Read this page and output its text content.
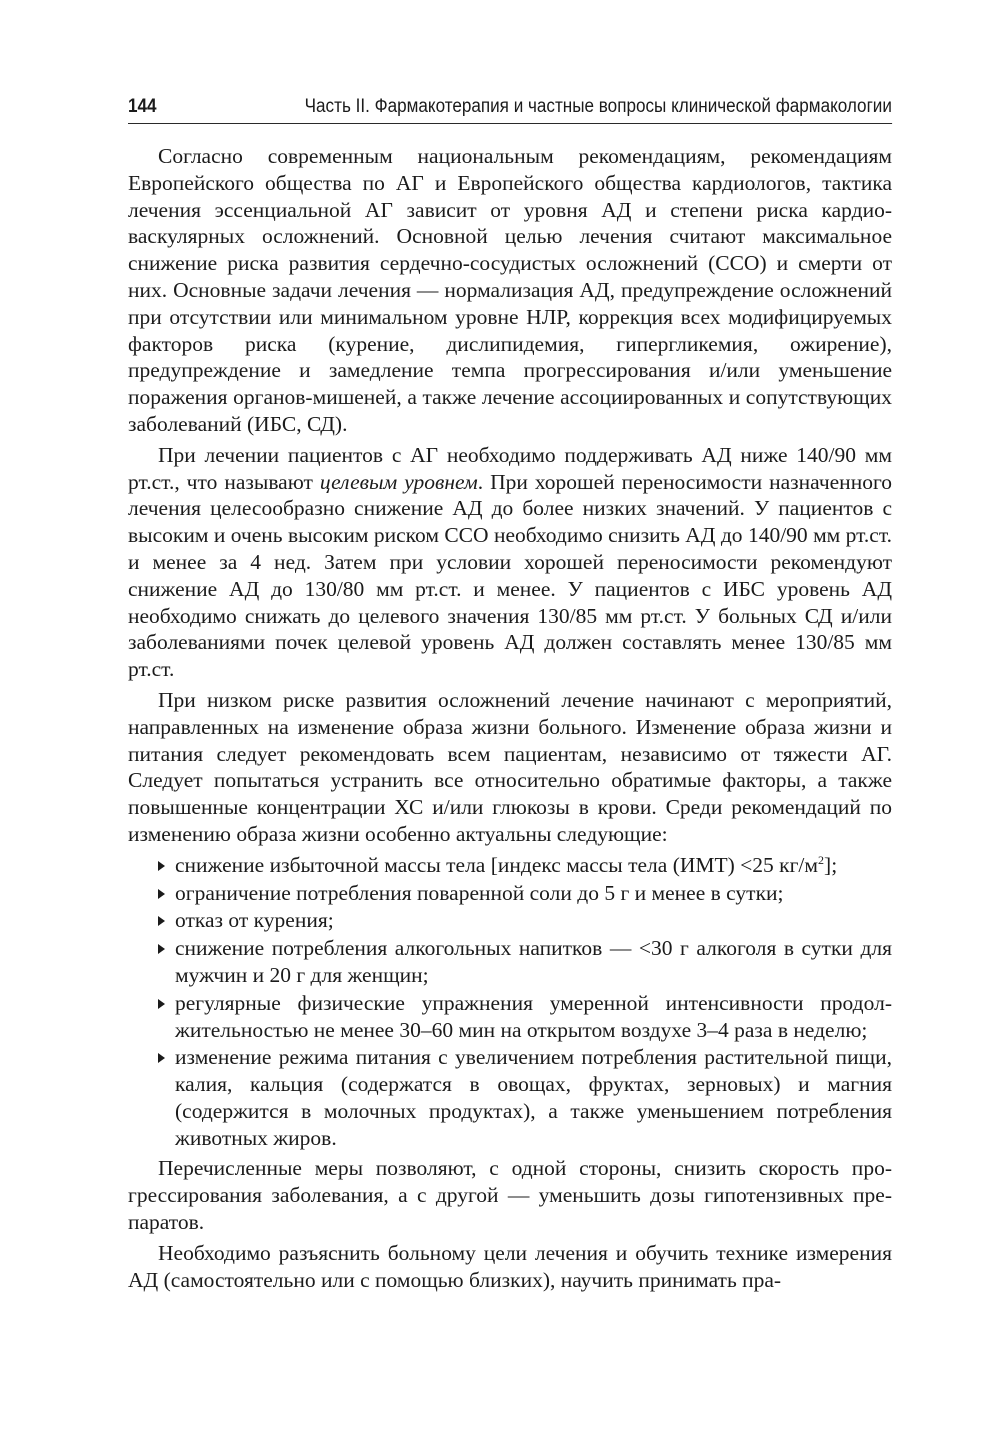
144	Часть II. Фармакотерапия и частные вопросы клинической фармакологии

Согласно современным национальным рекомендациям, рекомендациям Европейского общества по АГ и Европейского общества кардиологов, тактика лечения эссенциальной АГ зависит от уровня АД и степени риска кардиоваскулярных осложнений. Основной целью лечения считают максимальное снижение риска развития сердечно-сосудистых осложнений (ССО) и смерти от них. Основные задачи лечения — нормализация АД, предупреждение осложнений при отсутствии или минимальном уровне НЛР, коррекция всех модифицируемых факторов риска (курение, дислипидемия, гипергликемия, ожирение), предупреждение и замедление темпа прогрессирования и/или уменьшение поражения органов-мишеней, а также лечение ассоциированных и сопутствующих заболеваний (ИБС, СД).

При лечении пациентов с АГ необходимо поддерживать АД ниже 140/90 мм рт.ст., что называют целевым уровнем. При хорошей переносимости назначенного лечения целесообразно снижение АД до более низких значений. У пациентов с высоким и очень высоким риском ССО необходимо снизить АД до 140/90 мм рт.ст. и менее за 4 нед. Затем при условии хорошей переносимости рекомендуют снижение АД до 130/80 мм рт.ст. и менее. У пациентов с ИБС уровень АД необходимо снижать до целевого значения 130/85 мм рт.ст. У больных СД и/или заболеваниями почек целевой уровень АД должен составлять менее 130/85 мм рт.ст.

При низком риске развития осложнений лечение начинают с мероприятий, направленных на изменение образа жизни больного. Изменение образа жизни и питания следует рекомендовать всем пациентам, независимо от тяжести АГ. Следует попытаться устранить все относительно обратимые факторы, а также повышенные концентрации ХС и/или глюкозы в крови. Среди рекомендаций по изменению образа жизни особенно актуальны следующие:

снижение избыточной массы тела [индекс массы тела (ИМТ) <25 $кг/м^2$];
ограничение потребления поваренной соли до 5 г и менее в сутки;
отказ от курения;
снижение потребления алкогольных напитков — <30 г алкоголя в сутки для мужчин и 20 г для женщин;
регулярные физические упражнения умеренной интенсивности продолжительностью не менее 30–60 мин на открытом воздухе 3–4 раза в неделю;
изменение режима питания с увеличением потребления растительной пищи, калия, кальция (содержатся в овощах, фруктах, зерновых) и магния (содержится в молочных продуктах), а также уменьшением потребления животных жиров.

Перечисленные меры позволяют, с одной стороны, снизить скорость прогрессирования заболевания, а с другой — уменьшить дозы гипотензивных препаратов.

Необходимо разъяснить больному цели лечения и обучить технике измерения АД (самостоятельно или с помощью близких), научить принимать пра-
